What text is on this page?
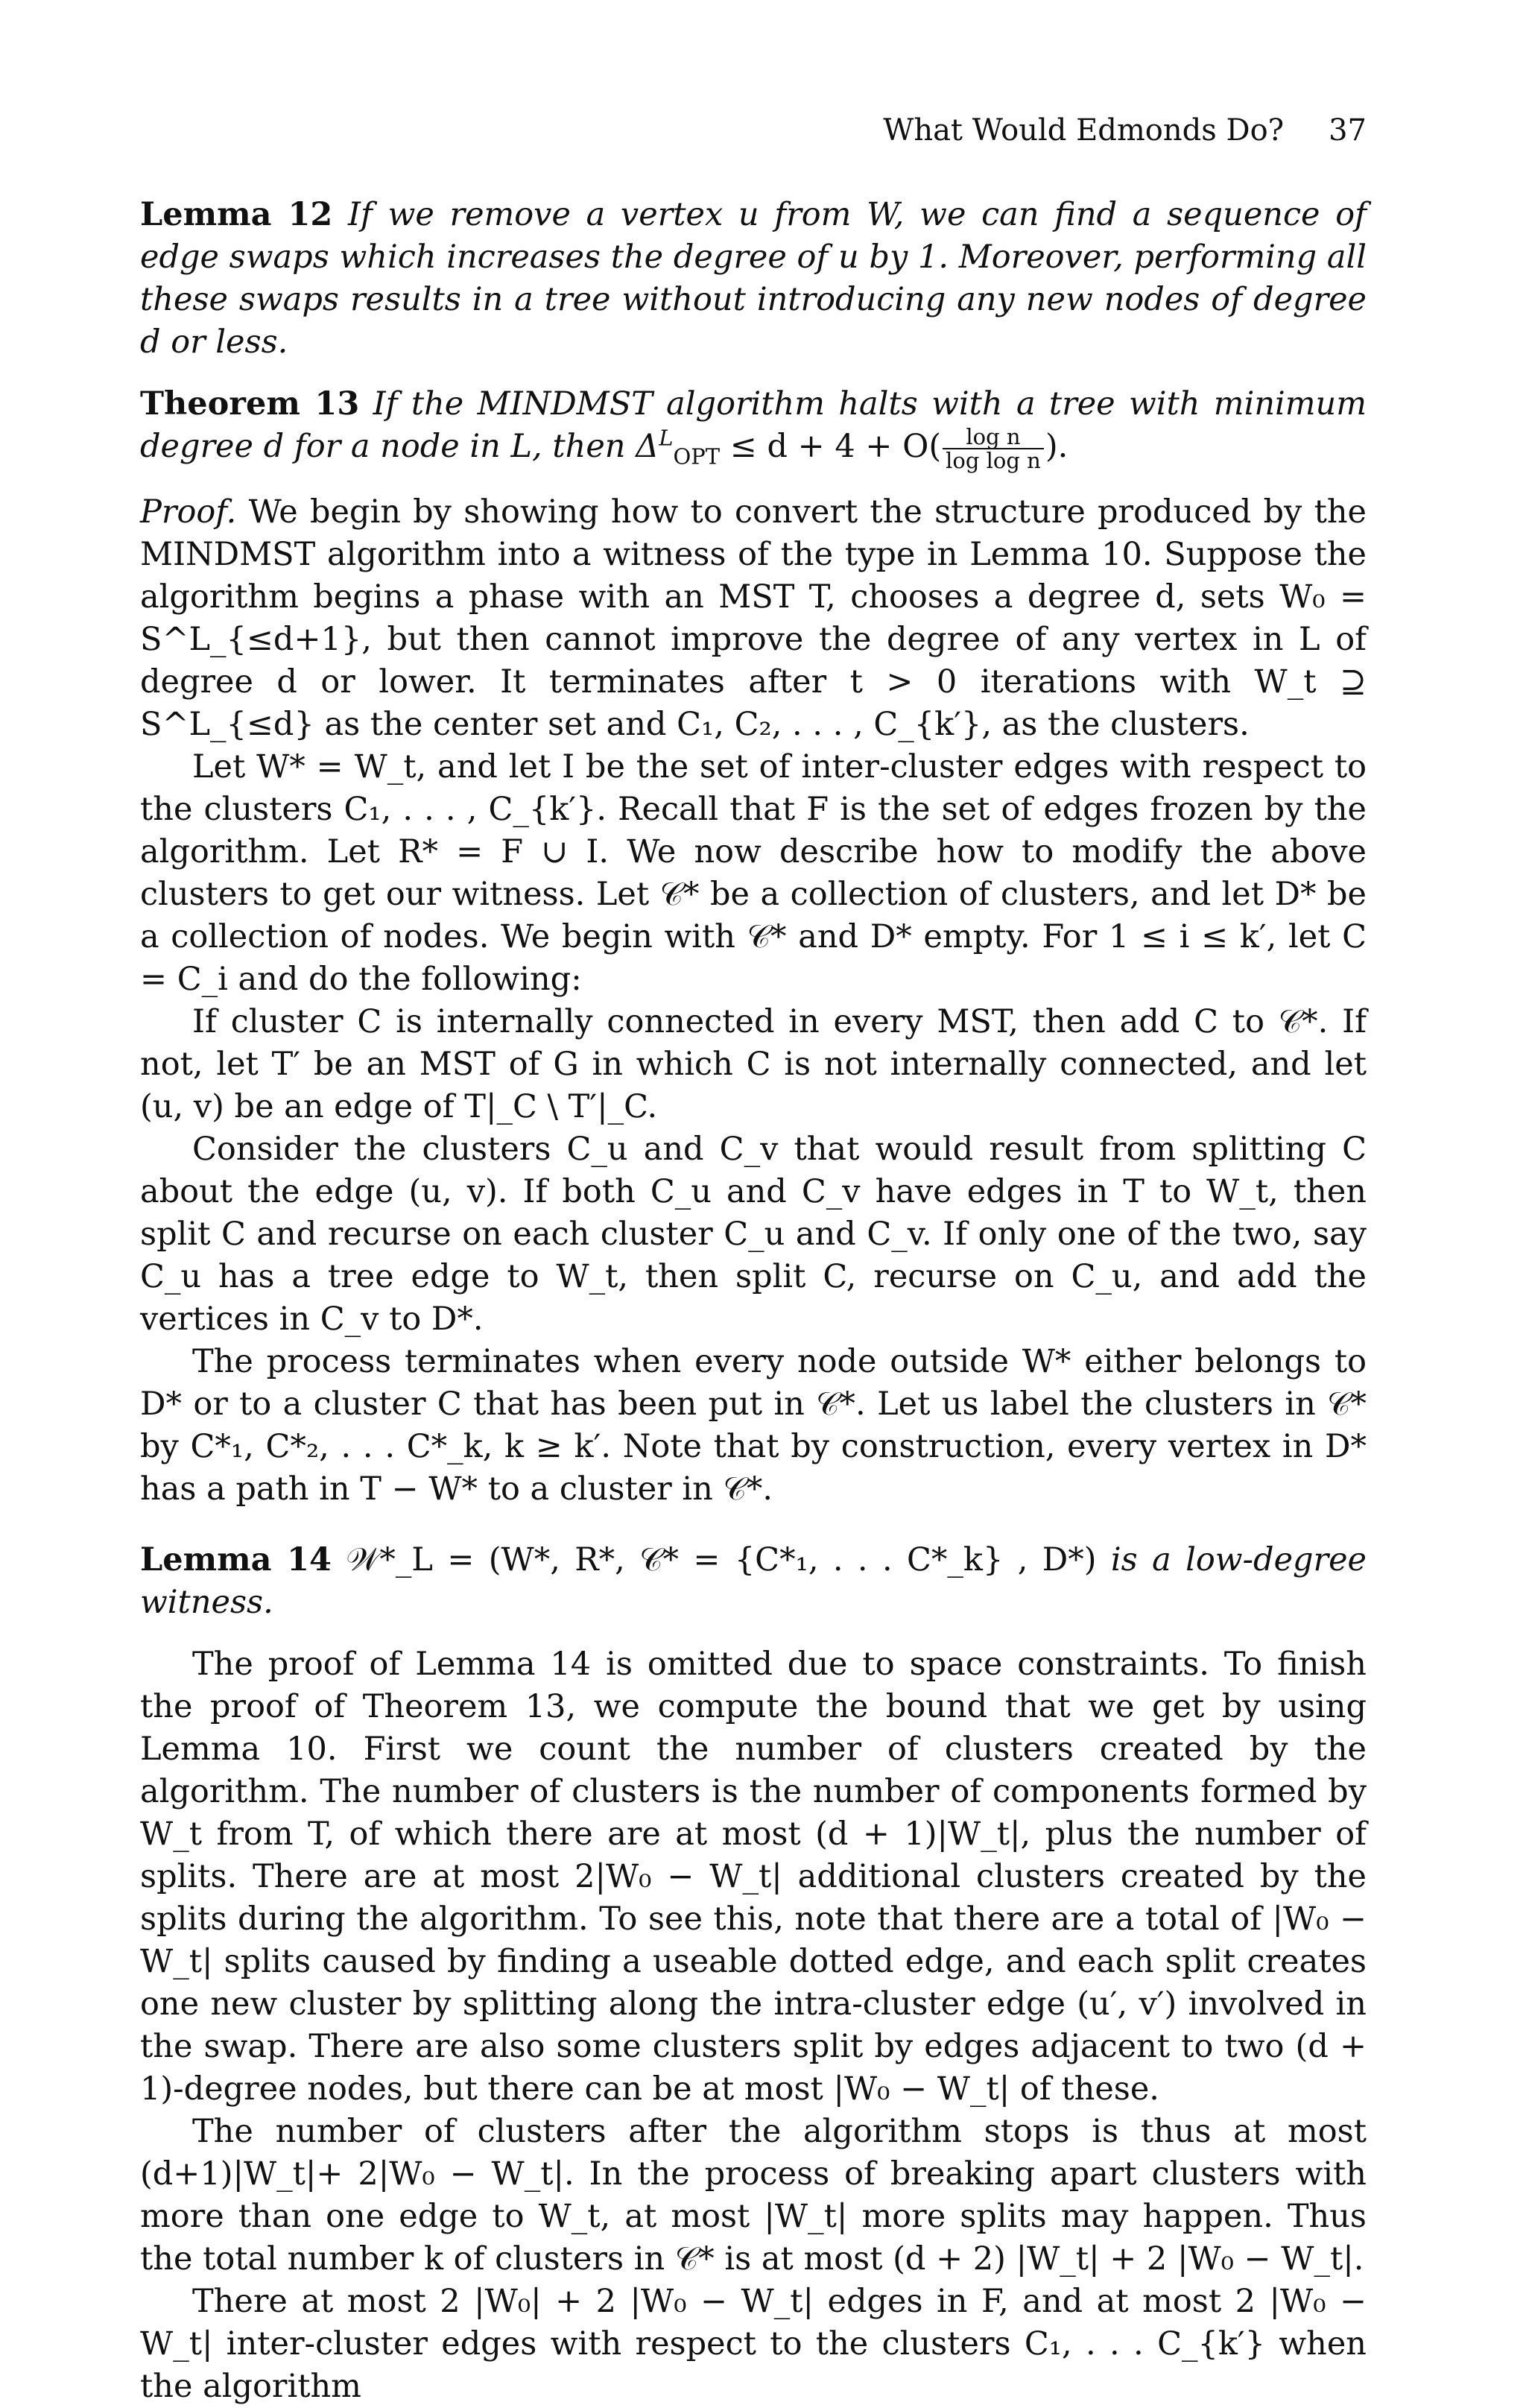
What Would Edmonds Do? 37

Lemma 12 If we remove a vertex u from W, we can find a sequence of edge swaps which increases the degree of u by 1. Moreover, performing all these swaps results in a tree without introducing any new nodes of degree d or less.

Theorem 13 If the MINDMST algorithm halts with a tree with minimum degree d for a node in L, then $\Delta^L_{OPT} \le d + 4 + O( \frac{\text{log n}}{\text{log log n}}$ ).

Proof. We begin by showing how to convert the structure produced by the MINDMST algorithm into a witness of the type in Lemma 10. Suppose the algorithm begins a phase with an MST T, chooses a degree d, sets W₀ = S^L_{≤d+1}, but then cannot improve the degree of any vertex in L of degree d or lower. It terminates after t > 0 iterations with W_t ⊇ S^L_{≤d} as the center set and C₁, C₂, . . . , C_{k′}, as the clusters.

Let W* = W_t, and let I be the set of inter-cluster edges with respect to the clusters C₁, . . . , C_{k′}. Recall that F is the set of edges frozen by the algorithm. Let R* = F ∪ I. We now describe how to modify the above clusters to get our witness. Let 𝒞* be a collection of clusters, and let D* be a collection of nodes. We begin with 𝒞* and D* empty. For 1 ≤ i ≤ k′, let C = C_i and do the following:

If cluster C is internally connected in every MST, then add C to 𝒞*. If not, let T′ be an MST of G in which C is not internally connected, and let (u, v) be an edge of T|_C \ T′|_C.

Consider the clusters C_u and C_v that would result from splitting C about the edge (u, v). If both C_u and C_v have edges in T to W_t, then split C and recurse on each cluster C_u and C_v. If only one of the two, say C_u has a tree edge to W_t, then split C, recurse on C_u, and add the vertices in C_v to D*.

The process terminates when every node outside W* either belongs to D* or to a cluster C that has been put in 𝒞*. Let us label the clusters in 𝒞* by C*₁, C*₂, . . . C*_k, k ≥ k′. Note that by construction, every vertex in D* has a path in T − W* to a cluster in 𝒞*.

Lemma 14 𝒲*_L = (W*, R*, 𝒞* = {C*₁, . . . C*_k} , D*) is a low-degree witness.

The proof of Lemma 14 is omitted due to space constraints. To finish the proof of Theorem 13, we compute the bound that we get by using Lemma 10. First we count the number of clusters created by the algorithm. The number of clusters is the number of components formed by W_t from T, of which there are at most (d + 1)|W_t|, plus the number of splits. There are at most 2|W₀ − W_t| additional clusters created by the splits during the algorithm. To see this, note that there are a total of |W₀ − W_t| splits caused by finding a useable dotted edge, and each split creates one new cluster by splitting along the intra-cluster edge (u′, v′) involved in the swap. There are also some clusters split by edges adjacent to two (d + 1)-degree nodes, but there can be at most |W₀ − W_t| of these.

The number of clusters after the algorithm stops is thus at most (d+1)|W_t|+ 2|W₀ − W_t|. In the process of breaking apart clusters with more than one edge to W_t, at most |W_t| more splits may happen. Thus the total number k of clusters in 𝒞* is at most (d + 2) |W_t| + 2 |W₀ − W_t|.

There at most 2 |W₀| + 2 |W₀ − W_t| edges in F, and at most 2 |W₀ − W_t| inter-cluster edges with respect to the clusters C₁, . . . C_{k′} when the algorithm
